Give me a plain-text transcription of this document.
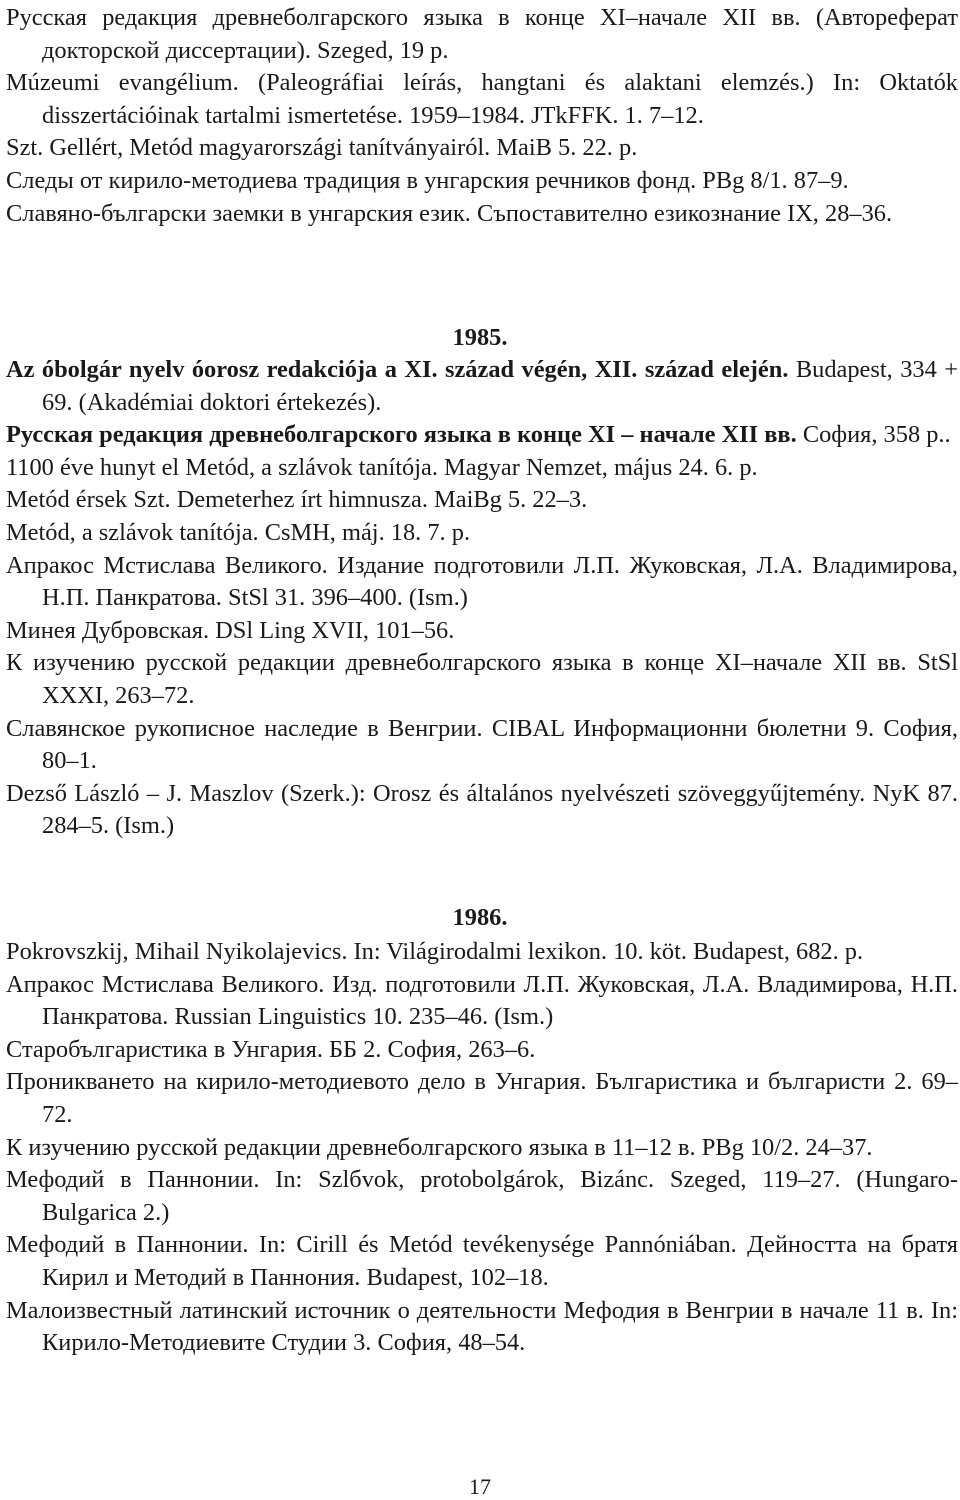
Русская редакция древнеболгарского языка в конце XI–начале XII вв. (Автореферат докторской диссертации). Szeged, 19 p.

Múzeumi evangélium. (Paleográfiai leírás, hangtani és alaktani elemzés.) In: Oktatók disszertációinak tartalmi ismertetése. 1959–1984. JTkFFK. 1. 7–12.

Szt. Gellért, Metód magyarországi tanítványairól. MaiB 5. 22. p.

Следы от кирило-методиева традиция в унгарския речников фонд. PBg 8/1. 87–9.

Славяно-български заемки в унгарския език. Съпоставително езикознание IX, 28–36.

1985.

Az óbolgár nyelv óorosz redakciója a XI. század végén, XII. század elején. Budapest, 334 + 69. (Akadémiai doktori értekezés).

Русская редакция древнеболгарского языка в конце XI – начале XII вв. София, 358 p..

1100 éve hunyt el Metód, a szlávok tanítója. Magyar Nemzet, május 24. 6. p.

Metód érsek Szt. Demeterhez írt himnusza. MaiBg 5. 22–3.

Metód, a szlávok tanítója. CsMH, máj. 18. 7. p.

Апракос Мстислава Великого. Издание подготовили Л.П. Жуковская, Л.А. Владимирова, Н.П. Панкратова. StSl 31. 396–400. (Ism.)

Минея Дубровская. DSl Ling XVII, 101–56.

К изучению русской редакции древнеболгарского языка в конце XI–начале XII вв. StSl XXXI, 263–72.

Славянское рукописное наследие в Венгрии. CIBAL Информационни бюлетни 9. София, 80–1.

Dezső László – J. Maszlov (Szerk.): Orosz és általános nyelvészeti szöveggyűjtemény. NyK 87. 284–5. (Ism.)

1986.

Pokrovszkij, Mihail Nyikolajevics. In: Világirodalmi lexikon. 10. köt. Budapest, 682. p.

Апракос Мстислава Великого. Изд. подготовили Л.П. Жуковская, Л.А. Владимирова, Н.П. Панкратова. Russian Linguistics 10. 235–46. (Ism.)

Старобългаристика в Унгария. ББ 2. София, 263–6.

Проникването на кирило-методиевото дело в Унгария. Българистика и българисти 2. 69–72.

К изучению русской редакции древнеболгарского языка в 11–12 в. PBg 10/2. 24–37.

Мефодий в Паннонии. In: Szlбvok, protobolgárok, Bizánc. Szeged, 119–27. (Hungaro-Bulgarica 2.)

Мефодий в Паннонии. In: Cirill és Metód tevékenysége Pannóniában. Дейността на братя Кирил и Методий в Паннония. Budapest, 102–18.

Малоизвестный латинский источник о деятельности Мефодия в Венгрии в начале 11 в. In: Кирило-Методиевите Студии 3. София, 48–54.

17
